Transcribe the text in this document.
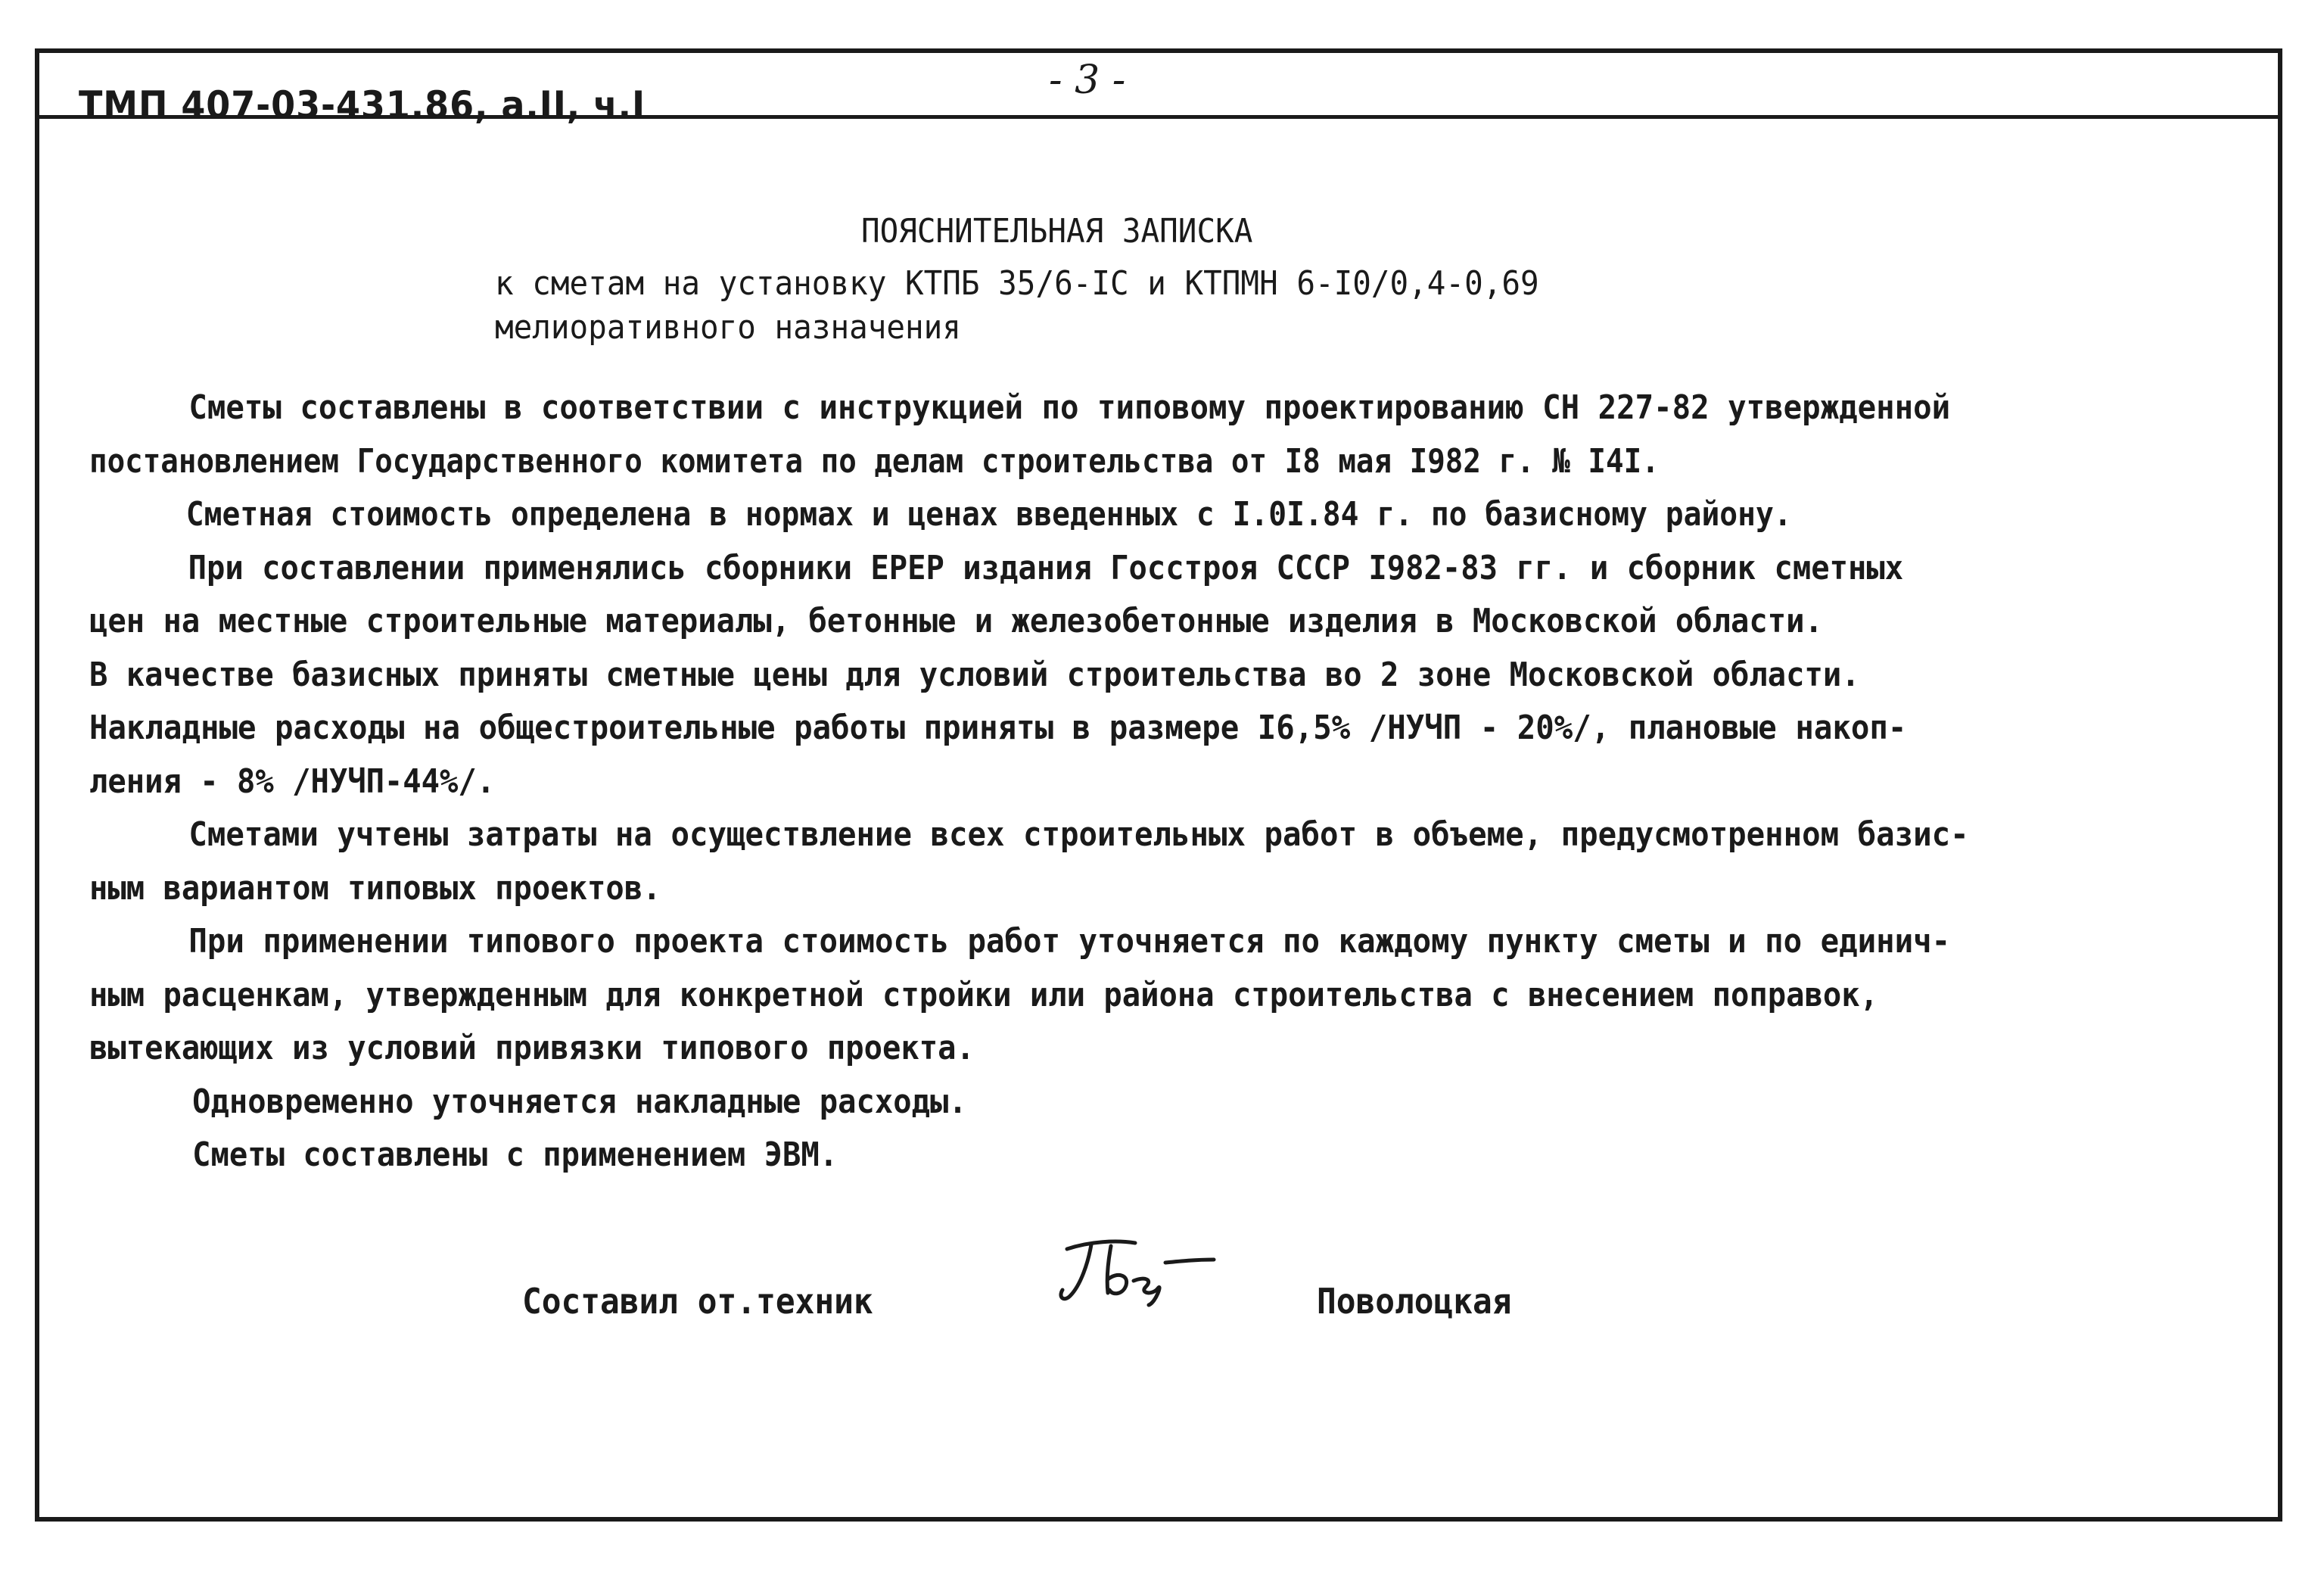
ТМП 407-03-431.86, а.II, ч.I
- 3 -
ПОЯСНИТЕЛЬНАЯ ЗАПИСКА
к сметам на установку КТПБ 35/6-IС и КТПМН 6-I0/0,4-0,69
мелиоративного назначения
Сметы составлены в соответствии с инструкцией по типовому проектированию СН 227-82 утвержденной
постановлением Государственного комитета по делам строительства от I8 мая I982 г. № I4I.
Сметная стоимость определена в нормах и ценах введенных с I.0I.84 г. по базисному району.
При составлении применялись сборники ЕРЕР издания Госстроя СССР I982-83 гг. и сборник сметных
цен на местные строительные материалы, бетонные и железобетонные изделия в Московской области.
В качестве базисных приняты сметные цены для условий строительства во 2 зоне Московской области.
Накладные расходы на общестроительные работы приняты в размере I6,5% /НУЧП - 20%/, плановые накоп-
ления - 8% /НУЧП-44%/.
Сметами учтены затраты на осуществление всех строительных работ в объеме, предусмотренном базис-
ным вариантом типовых проектов.
При применении типового проекта стоимость работ уточняется по каждому пункту сметы и по единич-
ным расценкам, утвержденным для конкретной стройки или района строительства с внесением поправок,
вытекающих из условий привязки типового проекта.
Одновременно уточняется накладные расходы.
Сметы составлены с применением ЭВМ.
Составил от.техник	Поволоцкая
